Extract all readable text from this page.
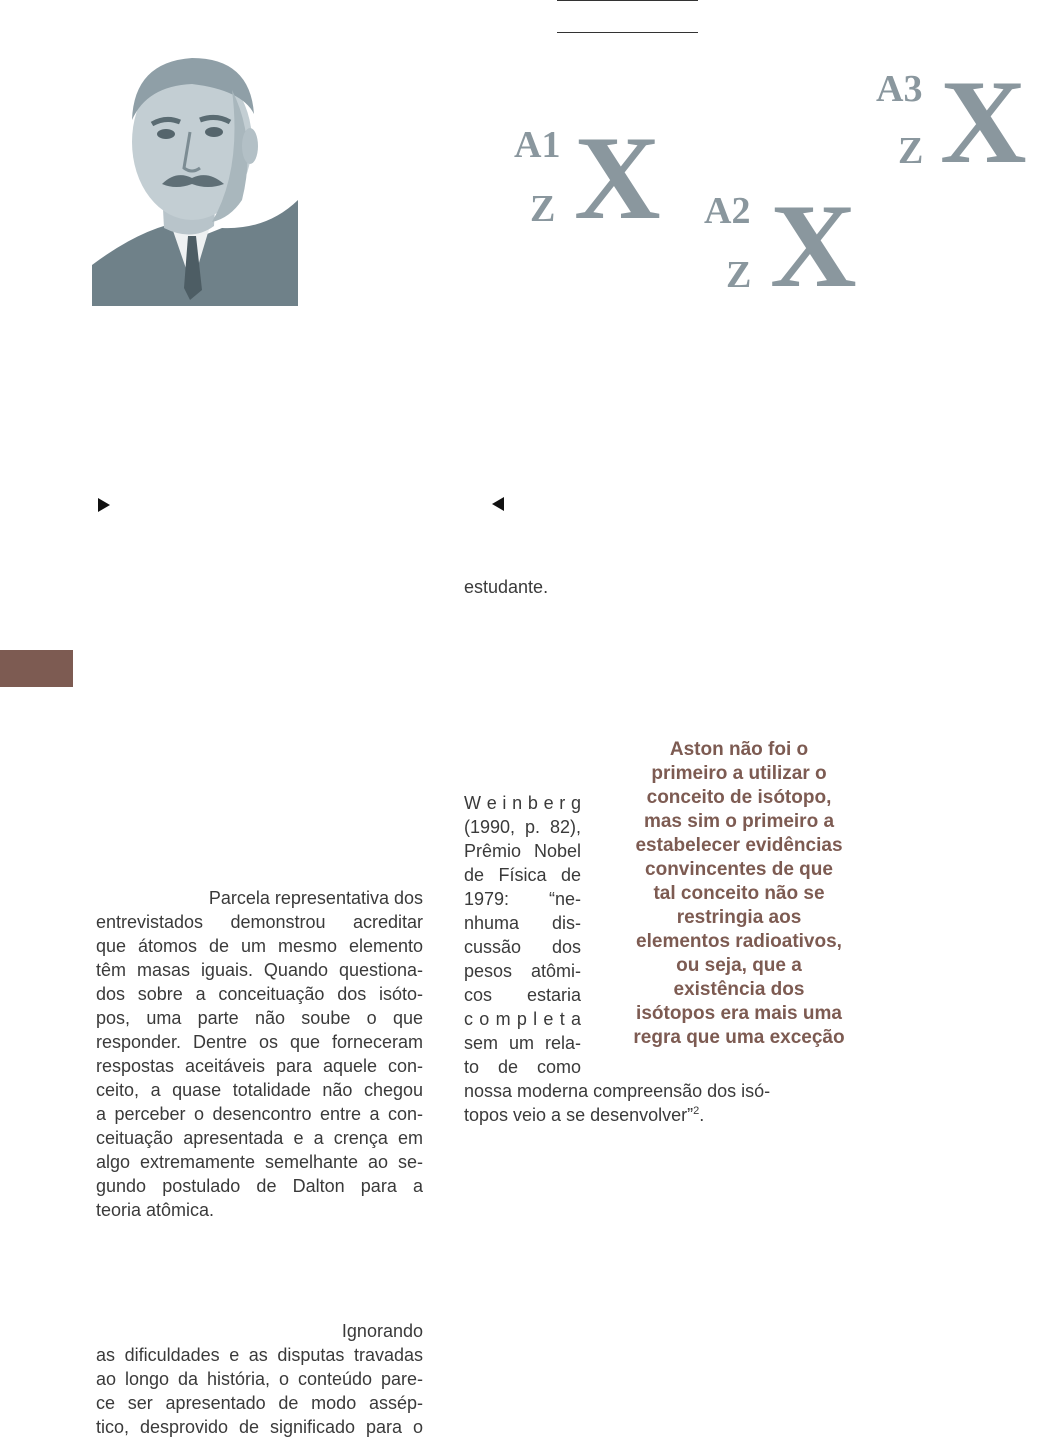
A1
Z X A2
Z X
A3
Z X
Parcela representativa dos
entrevistados demonstrou acreditar
que átomos de um mesmo elemento
têm masas iguais. Quando questiona-
dos sobre a conceituação dos isóto-
pos, uma parte não soube o que
responder. Dentre os que forneceram
respostas aceitáveis para aquele con-
ceito, a quase totalidade não chegou
a perceber o desencontro entre a con-
ceituação apresentada e a crença em
algo extremamente semelhante ao se-
gundo postulado de Dalton para a
teoria atômica.
Ignorando
as dificuldades e as disputas travadas
ao longo da história, o conteúdo pare-
ce ser apresentado de modo assép-
tico, desprovido de significado para o
estudante.
W e i n b e r g
(1990, p. 82),
Prêmio Nobel
de Física de
1979: “ne-
nhuma dis-
cussão dos
pesos atômi-
cos estaria
c o m p l e t a
sem um rela-
to de como
nossa moderna compreensão dos isó-
topos veio a se desenvolver”$^2$.
Aston não foi o
primeiro a utilizar o
conceito de isótopo,
mas sim o primeiro a
estabelecer evidências
convincentes de que
tal conceito não se
restringia aos
elementos radioativos,
ou seja, que a
existência dos
isótopos era mais uma
regra que uma exceção
